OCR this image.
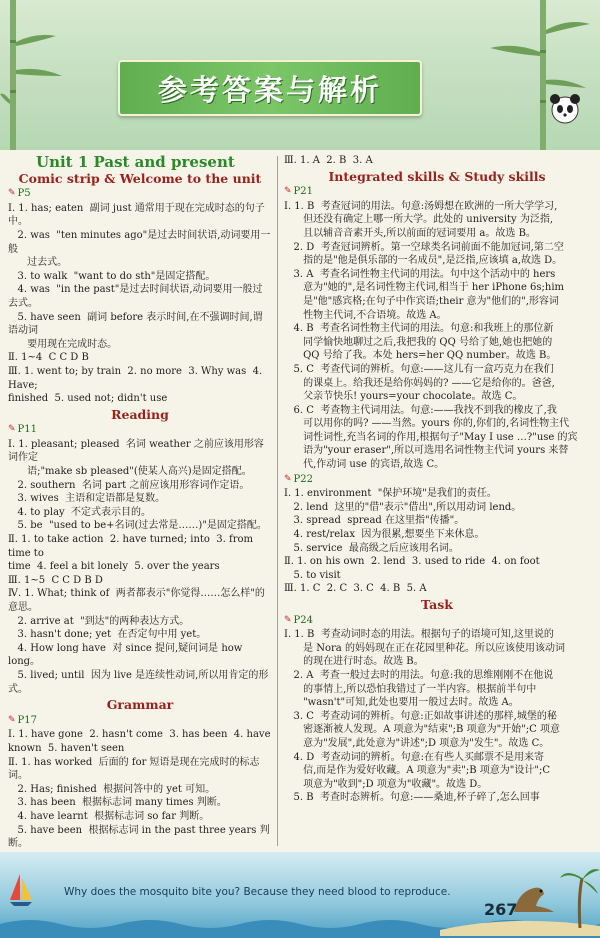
参考答案与解析
Unit 1 Past and present
Comic strip & Welcome to the unit
✎ P5

Ⅰ. 1. has; eaten  副词 just 通常用于现在完成时态的句子中。

2. was  "ten minutes ago"是过去时间状语,动词要用一般

过去式。

3. to walk  "want to do sth"是固定搭配。

4. was  "in the past"是过去时间状语,动词要用一般过去式。

5. have seen  副词 before 表示时间,在不强调时间,谓语动词

要用现在完成时态。

Ⅱ. 1~4  C C D B

Ⅲ. 1. went to; by train  2. no more  3. Why was  4. Have;

finished  5. used not; didn't use

Reading
✎ P11

Ⅰ. 1. pleasant; pleased  名词 weather 之前应该用形容词作定

语;"make sb pleased"(使某人高兴)是固定搭配。

2. southern  名词 part 之前应该用形容词作定语。

3. wives  主语和定语都是复数。

4. to play  不定式表示目的。

5. be  "used to be+名词(过去常是……)"是固定搭配。

Ⅱ. 1. to take action  2. have turned; into  3. from time to

time  4. feel a bit lonely  5. over the years

Ⅲ. 1~5  C C D B D

Ⅳ. 1. What; think of  两者都表示"你觉得……怎么样"的意思。

2. arrive at  "到达"的两种表达方式。

3. hasn't done; yet  在否定句中用 yet。

4. How long have  对 since 提问,疑问词是 how long。

5. lived; until  因为 live 是连续性动词,所以用肯定的形式。

Grammar
✎ P17

Ⅰ. 1. have gone  2. hasn't come  3. has been  4. have

known  5. haven't seen

Ⅱ. 1. has worked  后面的 for 短语是现在完成时的标志词。

2. Has; finished  根据问答中的 yet 可知。

3. has been  根据标志词 many times 判断。

4. have learnt  根据标志词 so far 判断。

5. have been  根据标志词 in the past three years 判断。

Ⅲ. 1. A  2. B  3. A

Integrated skills & Study skills
✎ P21

Ⅰ. 1. B  考查冠词的用法。句意:汤姆想在欧洲的一所大学学习,

但还没有确定上哪一所大学。此处的 university 为泛指,

且以辅音音素开头,所以前面的冠词要用 a。故选 B。

2. D  考查冠词辨析。第一空球类名词前面不能加冠词,第二空

指的是"他是俱乐部的一名成员",是泛指,应该填 a,故选 D。

3. A  考查名词性物主代词的用法。句中这个活动中的 hers

意为"她的",是名词性物主代词,相当于 her iPhone 6s;him

是"他"感宾格;在句子中作宾语;their 意为"他们的",形容词

性物主代词,不合语境。故选 A。

4. B  考查名词性物主代词的用法。句意:和我班上的那位新

同学愉快地聊过之后,我把我的 QQ 号给了她,她也把她的

QQ 号给了我。本处 hers=her QQ number。故选 B。

5. C  考查代词的辨析。句意:——这儿有一盒巧克力在我们

的课桌上。给我还是给你妈妈的? ——它是给你的。爸爸,

父亲节快乐! yours=your chocolate。故选 C。

6. C  考查物主代词用法。句意:——我找不到我的橡皮了,我

可以用你的吗? ——当然。yours 你的,你们的,名词性物主代

词性词性,充当名词的作用,根据句子"May I use …?"use 的宾

语为"your eraser",所以可选用名词性物主代词 yours 来替

代,作动词 use 的宾语,故选 C。

✎ P22

Ⅰ. 1. environment  "保护环境"是我们的责任。

2. lend  这里的"借"表示"借出",所以用动词 lend。

3. spread  spread 在这里指"传播"。

4. rest/relax  因为很累,想要坐下来休息。

5. service  最高级之后应该用名词。

Ⅱ. 1. on his own  2. lend  3. used to ride  4. on foot

5. to visit

Ⅲ. 1. C  2. C  3. C  4. B  5. A

Task
✎ P24

Ⅰ. 1. B  考查动词时态的用法。根据句子的语境可知,这里说的

是 Nora 的妈妈现在正在花园里种花。所以应该使用该动词

的现在进行时态。故选 B。

2. A  考查一般过去时的用法。句意:我的思维刚刚不在他说

的事情上,所以恐怕我错过了一半内容。根据前半句中

"wasn't"可知,此处也要用一般过去时。故选 A。

3. C  考查动词的辨析。句意:正如故事讲述的那样,城堡的秘

密逐渐被人发现。A 项意为"结束";B 项意为"开始";C 项意

意为"发展",此处意为"讲述";D 项意为"发生"。故选 C。

4. D  考查动词的辨析。句意:在有些人买邮票不是用来寄

信,而是作为爱好收藏。A 项意为"卖";B 项意为"设计";C

项意为"收到";D 项意为"收藏"。故选 D。

5. B  考查时态辨析。句意:——桑迪,杯子碎了,怎么回事

Why does the mosquito bite you? Because they need blood to reproduce.
267
